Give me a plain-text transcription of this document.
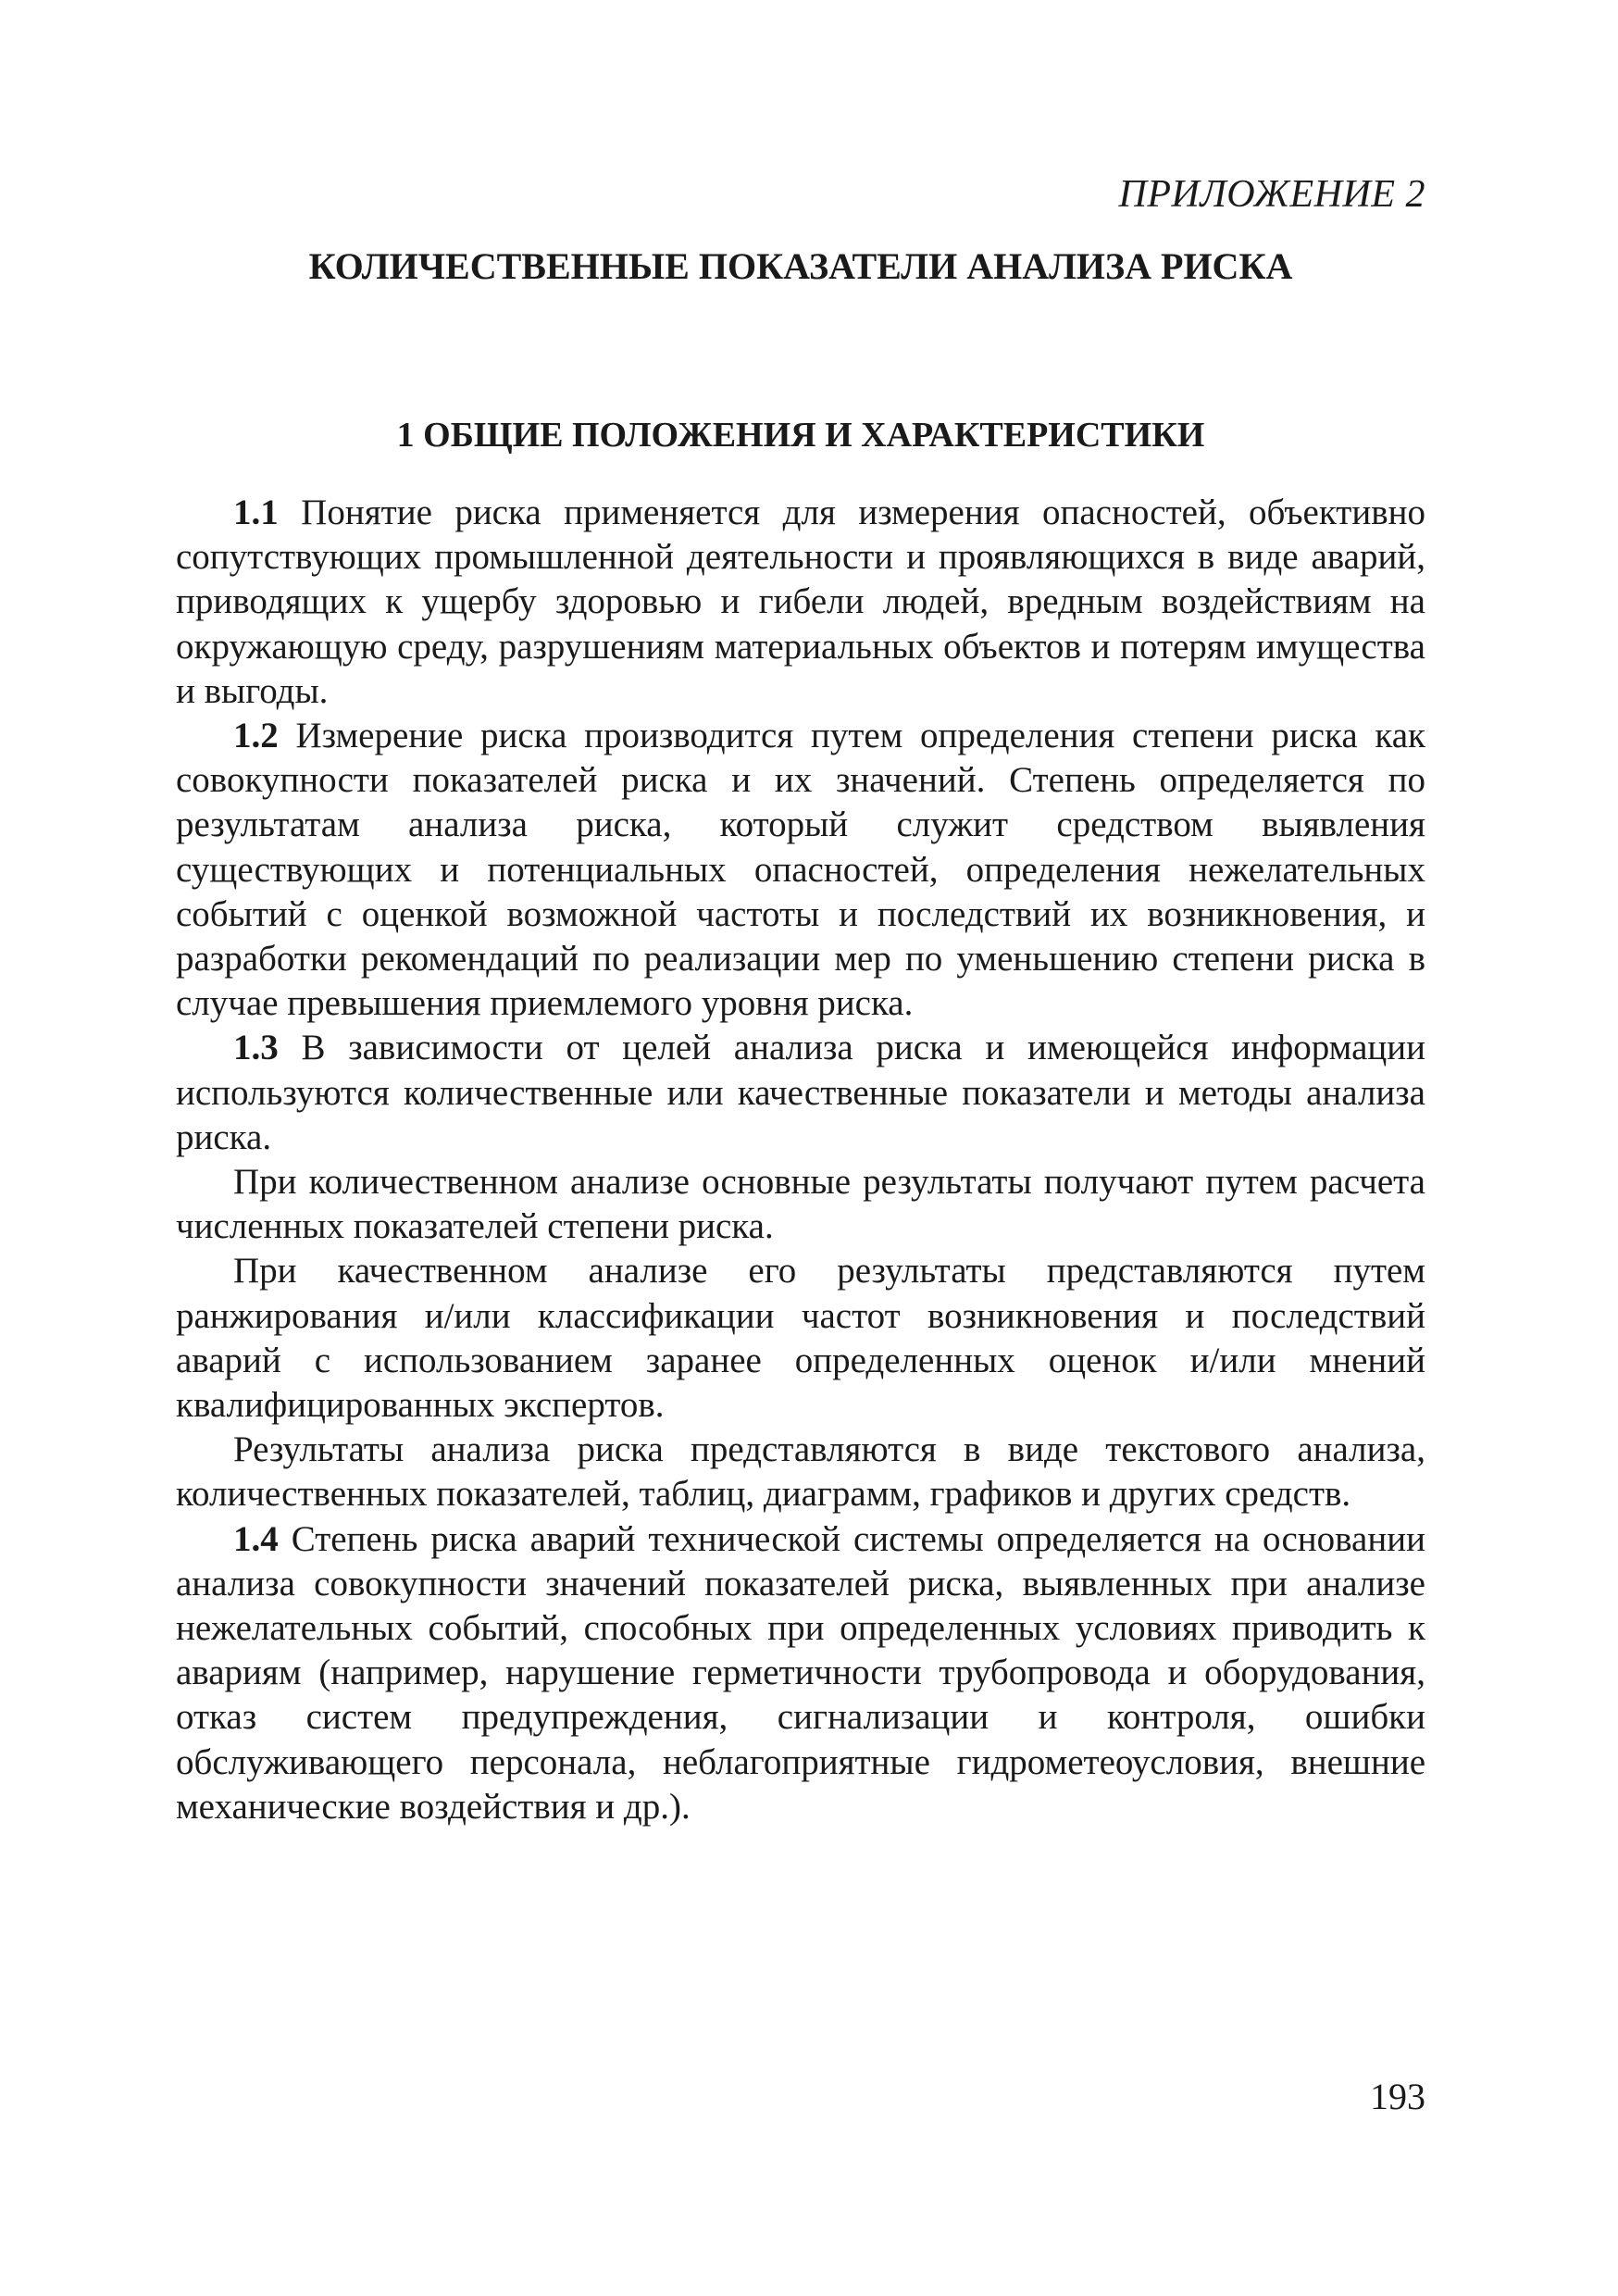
ПРИЛОЖЕНИЕ 2

КОЛИЧЕСТВЕННЫЕ ПОКАЗАТЕЛИ АНАЛИЗА РИСКА
1 ОБЩИЕ ПОЛОЖЕНИЯ И ХАРАКТЕРИСТИКИ

1.1 Понятие риска применяется для измерения опасностей, объективно сопутствующих промышленной деятельности и проявляющихся в виде аварий, приводящих к ущербу здоровью и гибели людей, вредным воздействиям на окружающую среду, разрушениям материальных объектов и потерям имущества и выгоды.

1.2 Измерение риска производится путем определения степени риска как совокупности показателей риска и их значений. Степень определяется по результатам анализа риска, который служит средством выявления существующих и потенциальных опасностей, определения нежелательных событий с оценкой возможной частоты и последствий их возникновения, и разработки рекомендаций по реализации мер по уменьшению степени риска в случае превышения приемлемого уровня риска.

1.3 В зависимости от целей анализа риска и имеющейся информации используются количественные или качественные показатели и методы анализа риска.

При количественном анализе основные результаты получают путем расчета численных показателей степени риска.

При качественном анализе его результаты представляются путем ранжирования и/или классификации частот возникновения и последствий аварий с использованием заранее определенных оценок и/или мнений квалифицированных экспертов.

Результаты анализа риска представляются в виде текстового анализа, количественных показателей, таблиц, диаграмм, графиков и других средств.

1.4 Степень риска аварий технической системы определяется на основании анализа совокупности значений показателей риска, выявленных при анализе нежелательных событий, способных при определенных условиях приводить к авариям (например, нарушение герметичности трубопровода и оборудования, отказ систем предупреждения, сигнализации и контроля, ошибки обслуживающего персонала, неблагоприятные гидрометеоусловия, внешние механические воздействия и др.).

193
